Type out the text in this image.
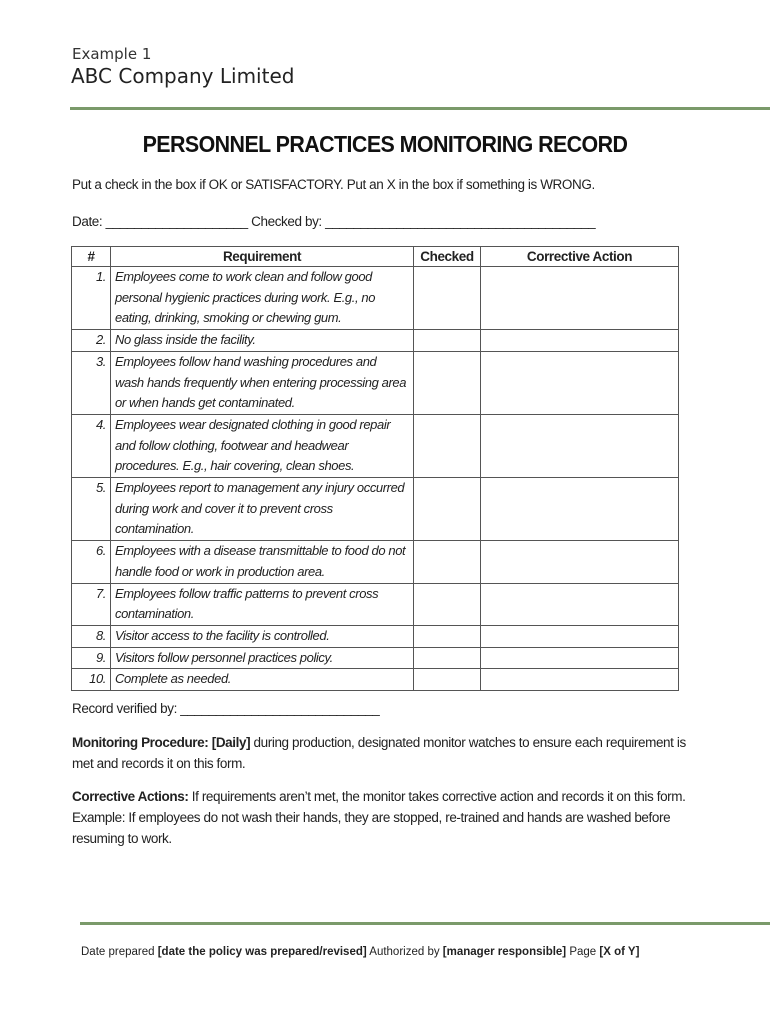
Example 1
ABC Company Limited
PERSONNEL PRACTICES MONITORING RECORD
Put a check in the box if OK or SATISFACTORY. Put an X in the box if something is WRONG.
Date: ____________________ Checked by: ______________________________________
#	Requirement	Checked	Corrective Action
1.	Employees come to work clean and follow good personal hygienic practices during work. E.g., no eating, drinking, smoking or chewing gum.		
2.	No glass inside the facility.		
3.	Employees follow hand washing procedures and wash hands frequently when entering processing area or when hands get contaminated.		
4.	Employees wear designated clothing in good repair and follow clothing, footwear and headwear procedures. E.g., hair covering, clean shoes.		
5.	Employees report to management any injury occurred during work and cover it to prevent cross contamination.		
6.	Employees with a disease transmittable to food do not handle food or work in production area.		
7.	Employees follow traffic patterns to prevent cross contamination.		
8.	Visitor access to the facility is controlled.		
9.	Visitors follow personnel practices policy.		
10.	Complete as needed.		
Record verified by: ____________________________
Monitoring Procedure: [Daily] during production, designated monitor watches to ensure each requirement is met and records it on this form.
Corrective Actions: If requirements aren’t met, the monitor takes corrective action and records it on this form. Example: If employees do not wash their hands, they are stopped, re-trained and hands are washed before resuming to work.
Date prepared [date the policy was prepared/revised] Authorized by [manager responsible] Page [X of Y]
